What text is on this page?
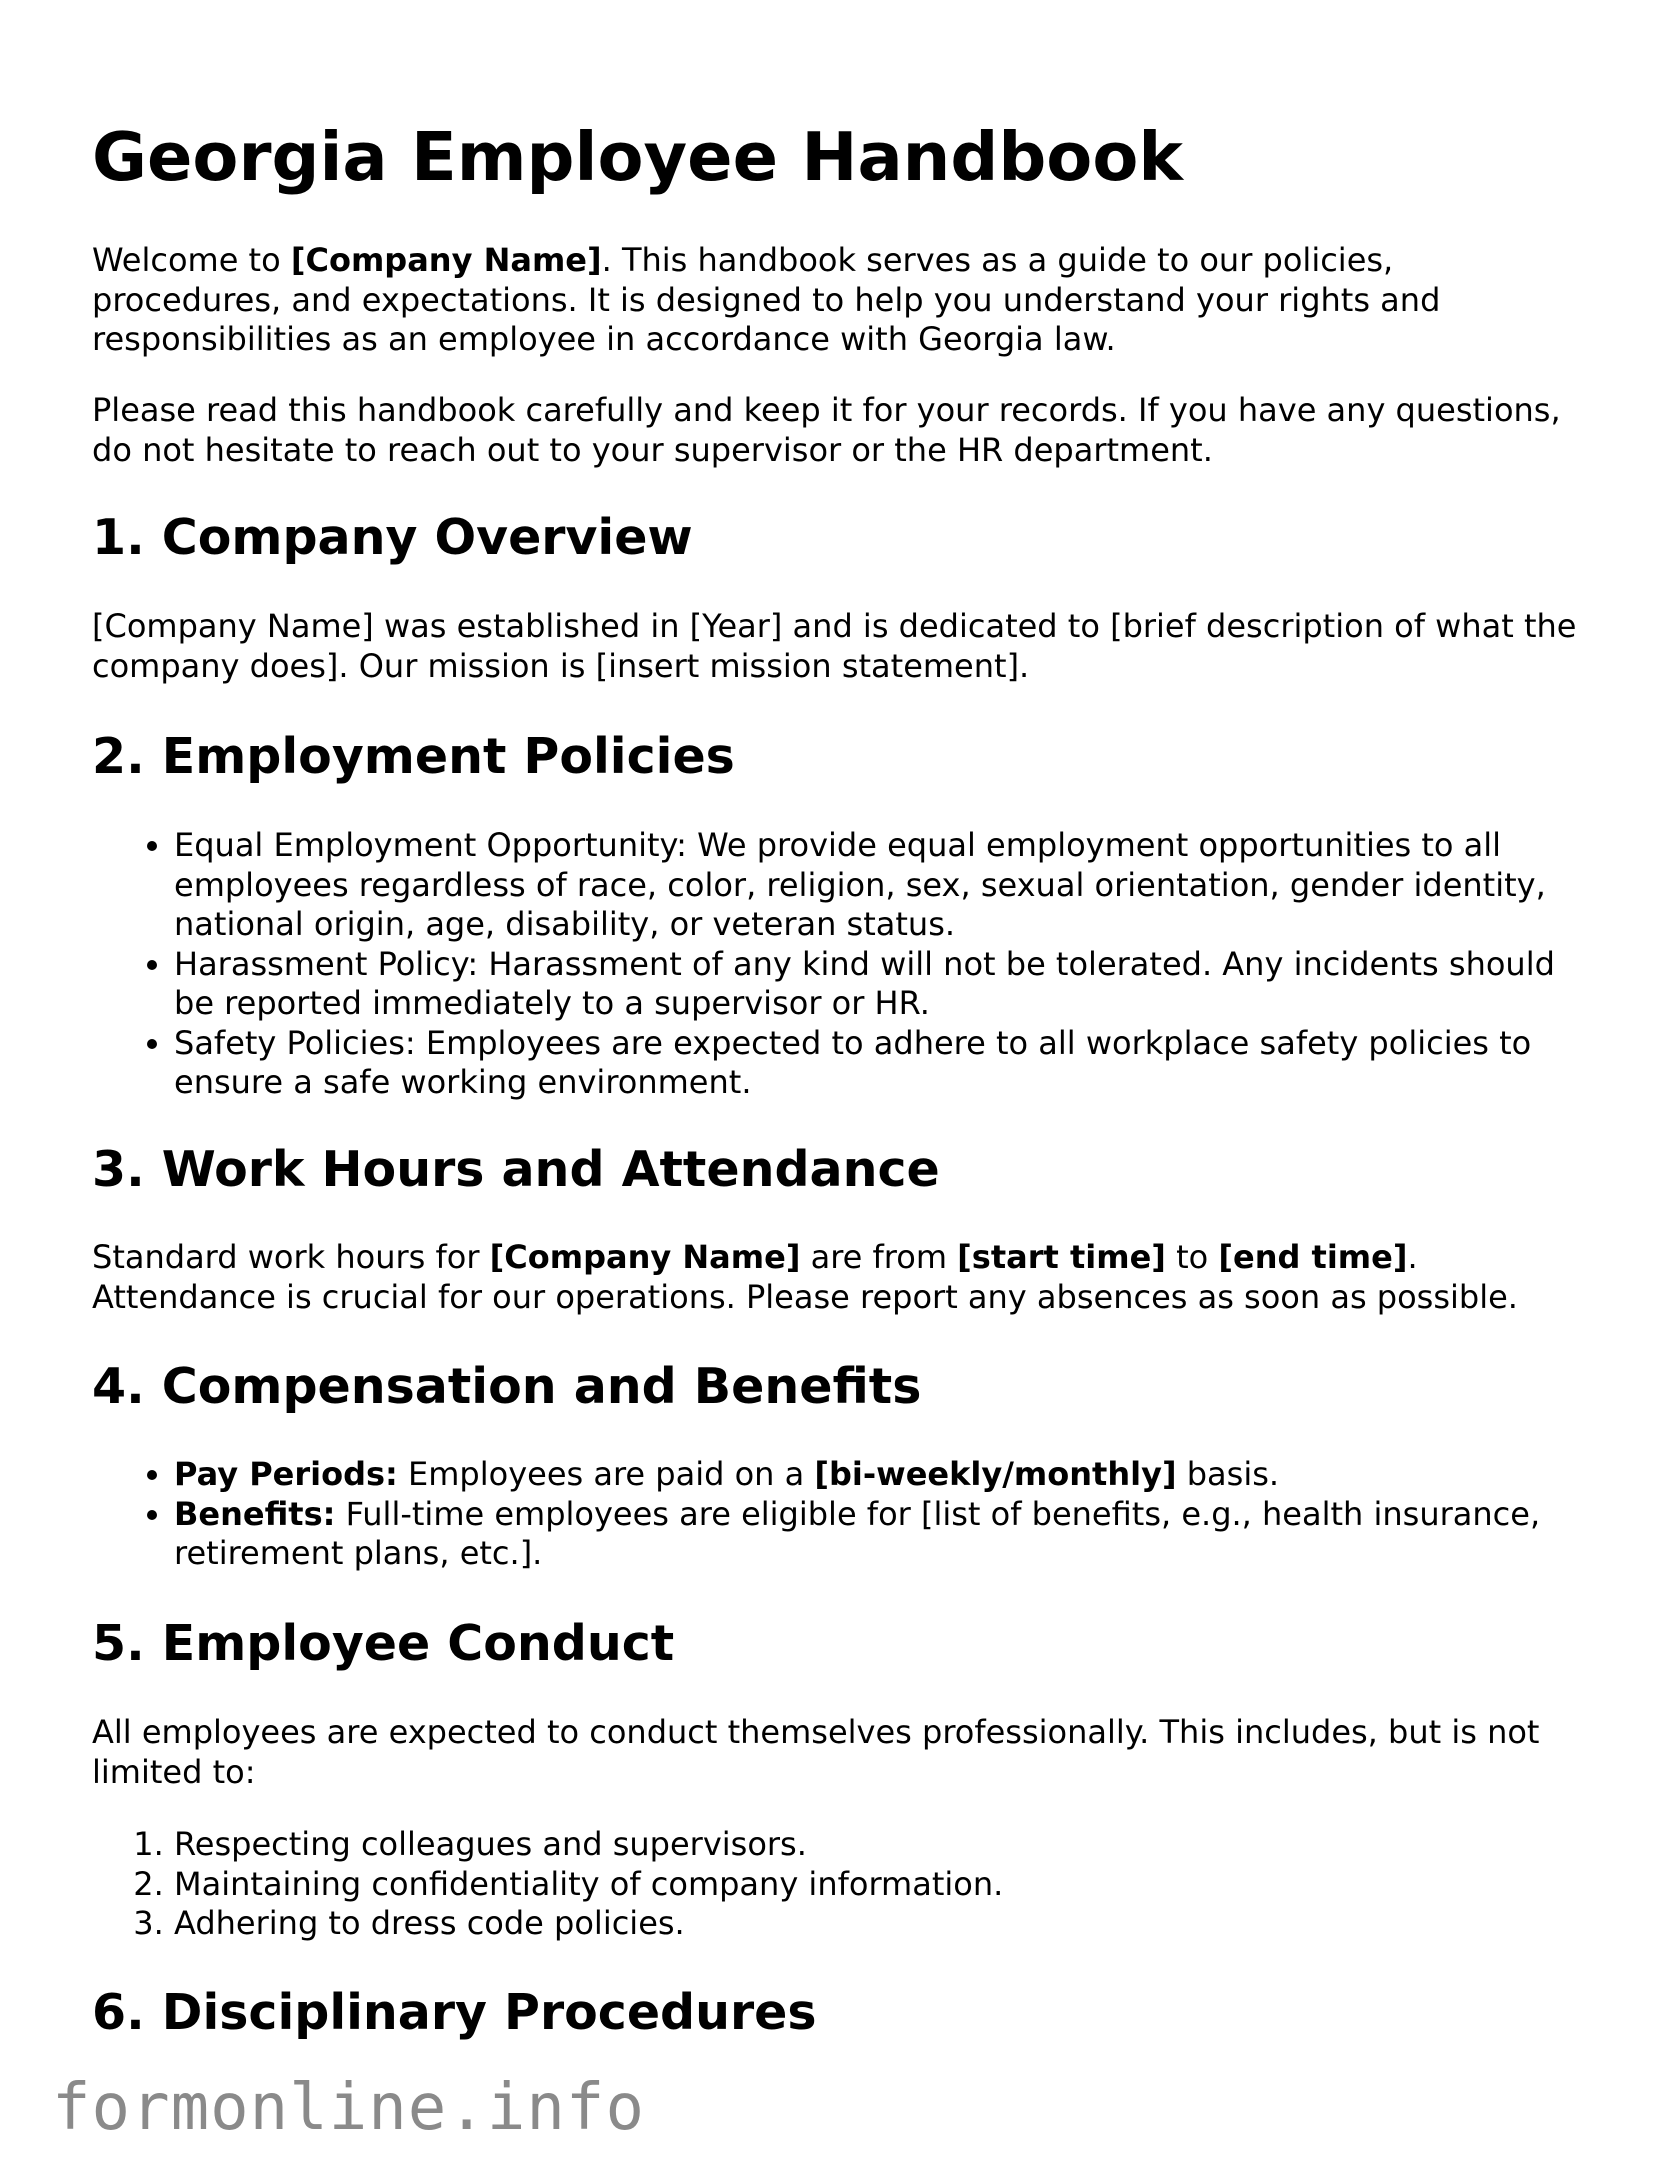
Georgia Employee Handbook

Welcome to [Company Name]. This handbook serves as a guide to our policies, procedures, and expectations. It is designed to help you understand your rights and responsibilities as an employee in accordance with Georgia law.

Please read this handbook carefully and keep it for your records. If you have any questions, do not hesitate to reach out to your supervisor or the HR department.

1. Company Overview

[Company Name] was established in [Year] and is dedicated to [brief description of what the company does]. Our mission is [insert mission statement].

2. Employment Policies
• Equal Employment Opportunity: We provide equal employment opportunities to all employees regardless of race, color, religion, sex, sexual orientation, gender identity, national origin, age, disability, or veteran status.
• Harassment Policy: Harassment of any kind will not be tolerated. Any incidents should be reported immediately to a supervisor or HR.
• Safety Policies: Employees are expected to adhere to all workplace safety policies to ensure a safe working environment.
3. Work Hours and Attendance

Standard work hours for [Company Name] are from [start time] to [end time]. Attendance is crucial for our operations. Please report any absences as soon as possible.

4. Compensation and Benefits
• Pay Periods: Employees are paid on a [bi-weekly/monthly] basis.
• Benefits: Full-time employees are eligible for [list of benefits, e.g., health insurance, retirement plans, etc.].
5. Employee Conduct

All employees are expected to conduct themselves professionally. This includes, but is not limited to:

1. Respecting colleagues and supervisors.
2. Maintaining confidentiality of company information.
3. Adhering to dress code policies.
6. Disciplinary Procedures
formonline.info
